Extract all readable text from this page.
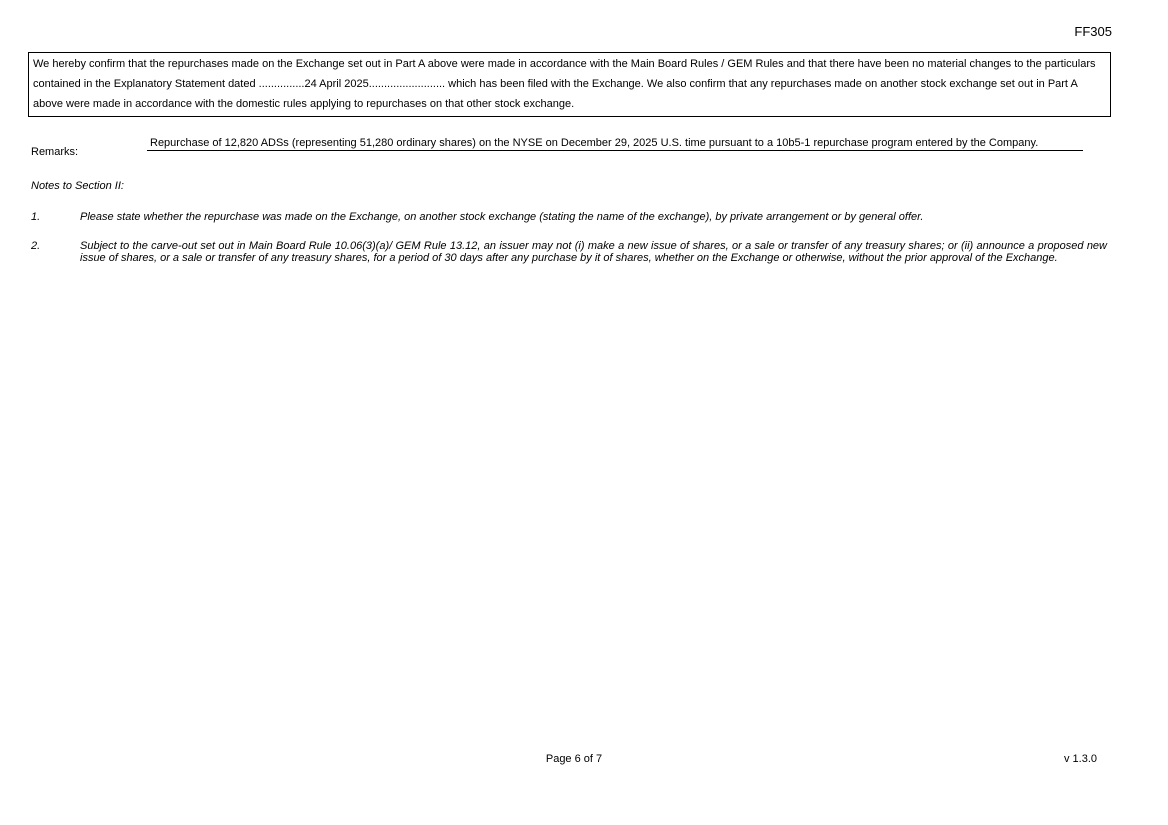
FF305
We hereby confirm that the repurchases made on the Exchange set out in Part A above were made in accordance with the Main Board Rules / GEM Rules and that there have been no material changes to the particulars contained in the Explanatory Statement dated ...............24 April 2025......................... which has been filed with the Exchange. We also confirm that any repurchases made on another stock exchange set out in Part A above were made in accordance with the domestic rules applying to repurchases on that other stock exchange.
Remarks:
Repurchase of 12,820 ADSs (representing 51,280 ordinary shares) on the NYSE on December 29, 2025 U.S. time pursuant to a 10b5-1 repurchase program entered by the Company.
Notes to Section II:
1.	Please state whether the repurchase was made on the Exchange, on another stock exchange (stating the name of the exchange), by private arrangement or by general offer.
2.	Subject to the carve-out set out in Main Board Rule 10.06(3)(a)/ GEM Rule 13.12, an issuer may not (i) make a new issue of shares, or a sale or transfer of any treasury shares; or (ii) announce a proposed new issue of shares, or a sale or transfer of any treasury shares, for a period of 30 days after any purchase by it of shares, whether on the Exchange or otherwise, without the prior approval of the Exchange.
Page 6 of 7	v 1.3.0
